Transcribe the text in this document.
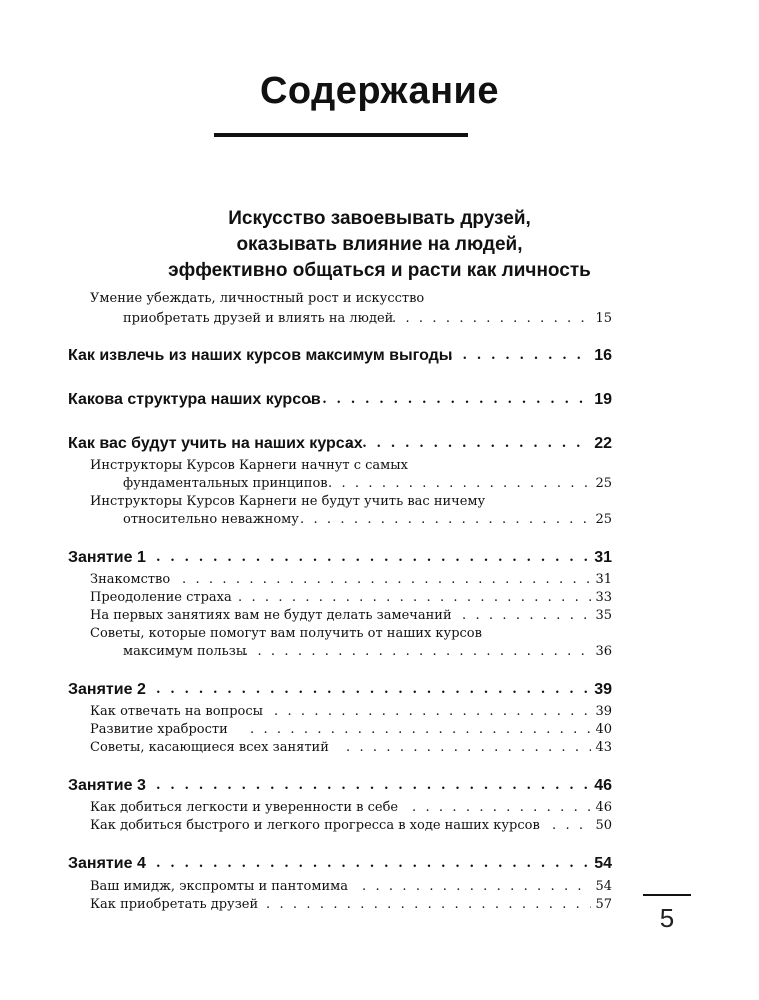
Содержание
Искусство завоевывать друзей,
оказывать влияние на людей,
эффективно общаться и расти как личность
Умение убеждать, личностный рост и искусство
приобретать друзей и влиять на людей . . .	15
Как извлечь из наших курсов максимум выгоды . . .	16
Какова структура наших курсов . . .	19
Как вас будут учить на наших курсах . . .	22
Инструкторы Курсов Карнеги начнут с самых
фундаментальных принципов . . .	25
Инструкторы Курсов Карнеги не будут учить вас ничему
относительно неважному . . .	25
Занятие 1 . . .	31
Знакомство . . .	31
Преодоление страха . . .	33
На первых занятиях вам не будут делать замечаний . . .	35
Советы, которые помогут вам получить от наших курсов
максимум пользы . . .	36
Занятие 2 . . .	39
Как отвечать на вопросы . . .	39
Развитие храбрости . . .	40
Советы, касающиеся всех занятий . . .	43
Занятие 3 . . .	46
Как добиться легкости и уверенности в себе . . .	46
Как добиться быстрого и легкого прогресса в ходе наших курсов . . .	50
Занятие 4 . . .	54
Ваш имидж, экспромты и пантомима . . .	54
Как приобретать друзей . . .	57	5
